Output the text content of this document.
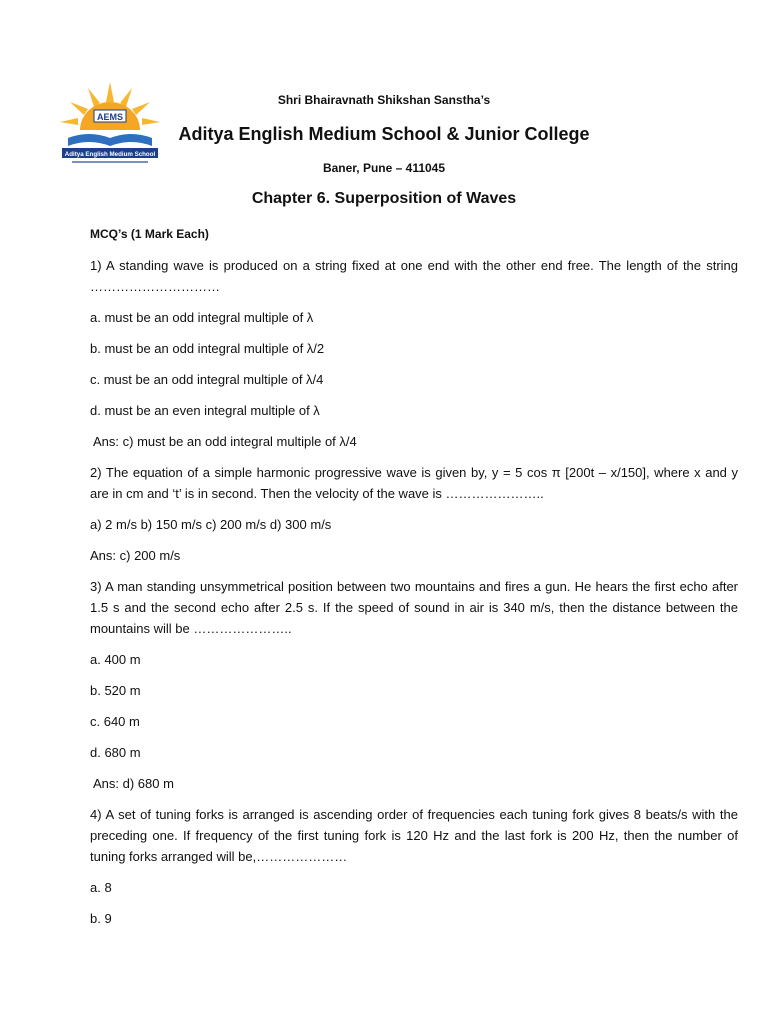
AEMS
Aditya English Medium School
Shri Bhairavnath Shikshan Sanstha’s
Aditya English Medium School & Junior College
Baner, Pune – 411045
Chapter 6. Superposition of Waves

MCQ’s (1 Mark Each)

1) A standing wave is produced on a string fixed at one end with the other end free. The length of the string …………………………

a. must be an odd integral multiple of λ

b. must be an odd integral multiple of λ/2

c. must be an odd integral multiple of λ/4

d. must be an even integral multiple of λ

Ans: c) must be an odd integral multiple of λ/4

2) The equation of a simple harmonic progressive wave is given by, y = 5 cos π [200t – x/150], where x and y are in cm and ‘t’ is in second. Then the velocity of the wave is …………………..

a) 2 m/s b) 150 m/s c) 200 m/s d) 300 m/s

Ans: c) 200 m/s

3) A man standing unsymmetrical position between two mountains and fires a gun. He hears the first echo after 1.5 s and the second echo after 2.5 s. If the speed of sound in air is 340 m/s, then the distance between the mountains will be …………………..

a. 400 m

b. 520 m

c. 640 m

d. 680 m

Ans: d) 680 m

4) A set of tuning forks is arranged is ascending order of frequencies each tuning fork gives 8 beats/s with the preceding one. If frequency of the first tuning fork is 120 Hz and the last fork is 200 Hz, then the number of tuning forks arranged will be,…………………

a. 8

b. 9
